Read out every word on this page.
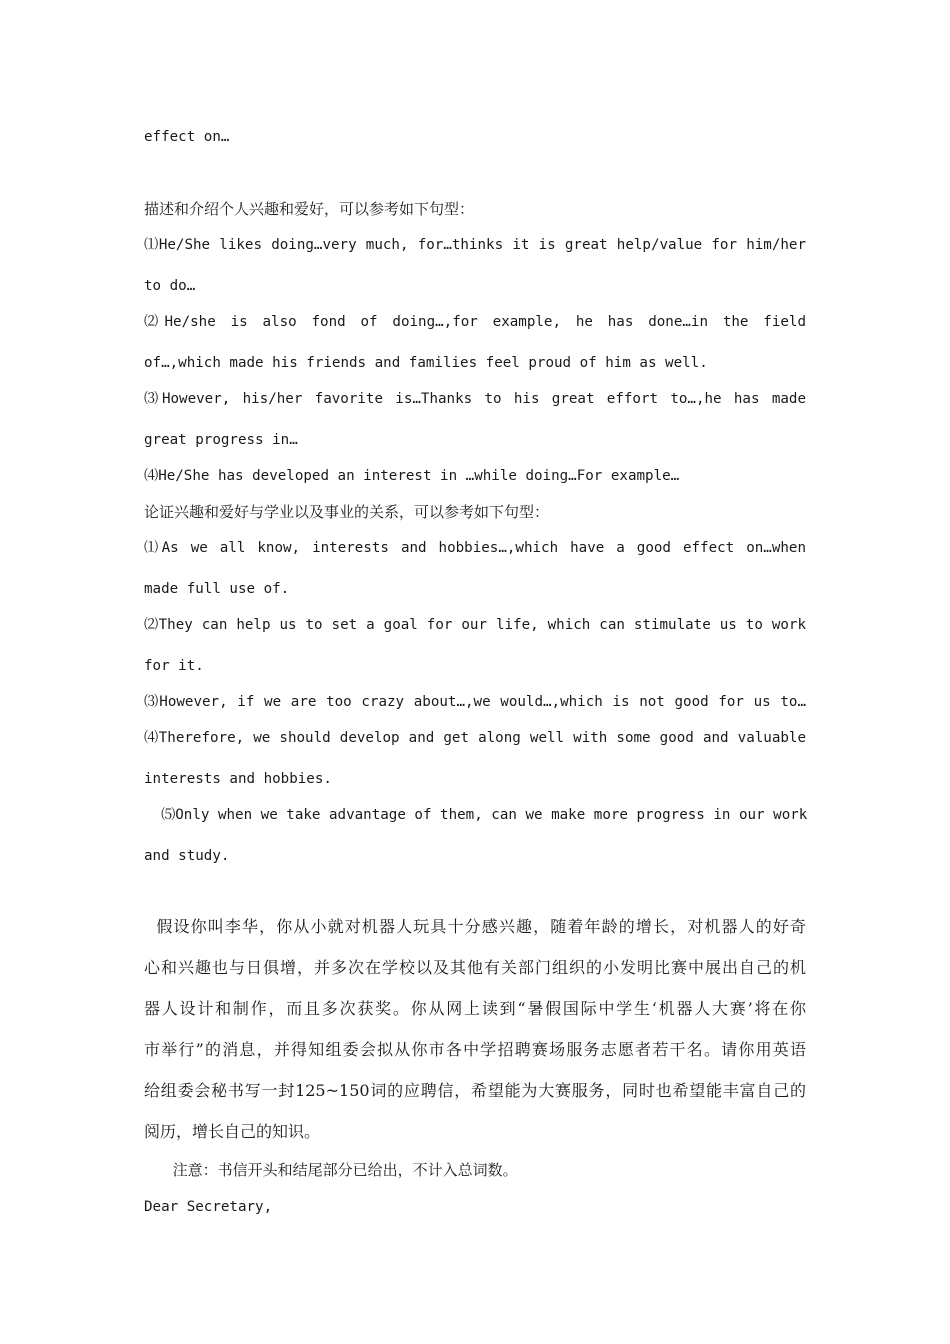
effect on…

描述和介绍个人兴趣和爱好，可以参考如下句型：

⑴He/She likes doing…very much, for…thinks it is great help/value for him/her

to do…

⑵He/she is also fond of doing…,for example, he has done…in the field

of…,which made his friends and families feel proud of him as well.

⑶However, his/her favorite is…Thanks to his great effort to…,he has made

great progress in…

⑷He/She has developed an interest in …while doing…For example…

论证兴趣和爱好与学业以及事业的关系，可以参考如下句型：

⑴As we all know, interests and hobbies…,which have a good effect on…when

made full use of.

⑵They can help us to set a goal for our life, which can stimulate us to work

for it.

⑶However, if we are too crazy about…,we would…,which is not good for us to…

⑷Therefore, we should develop and get along well with some good and valuable

interests and hobbies.

⑸Only when we take advantage of them, can we make more progress in our work

and study.

假设你叫李华，你从小就对机器人玩具十分感兴趣，随着年龄的增长，对机器人的好奇

心和兴趣也与日俱增，并多次在学校以及其他有关部门组织的小发明比赛中展出自己的机

器人设计和制作，而且多次获奖。你从网上读到“暑假国际中学生‘机器人大赛’将在你

市举行”的消息，并得知组委会拟从你市各中学招聘赛场服务志愿者若干名。请你用英语

给组委会秘书写一封125~150词的应聘信，希望能为大赛服务，同时也希望能丰富自己的

阅历，增长自己的知识。

注意：书信开头和结尾部分已给出，不计入总词数。

Dear Secretary,
